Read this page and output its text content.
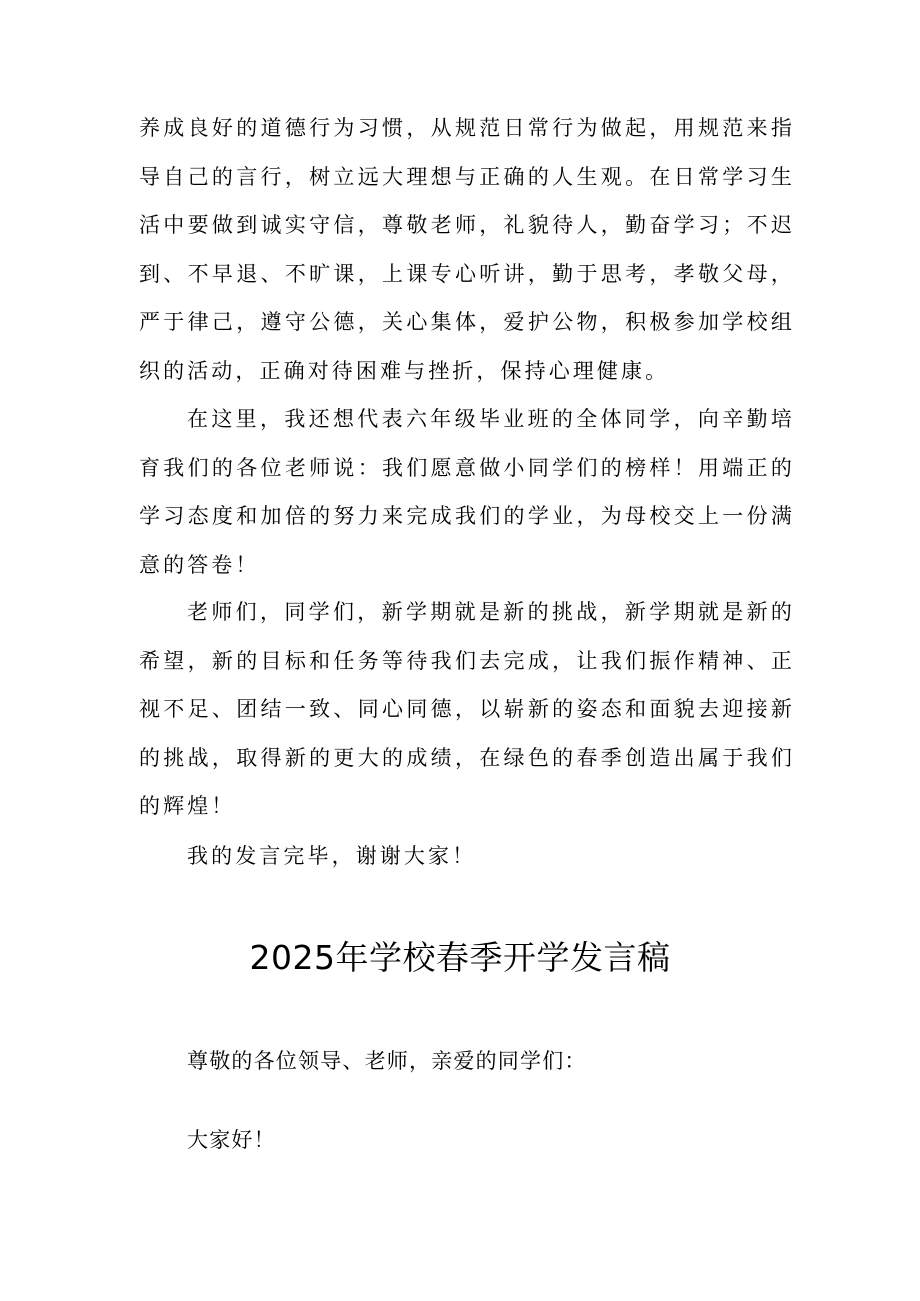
养成良好的道德行为习惯，从规范日常行为做起，用规范来指导自己的言行，树立远大理想与正确的人生观。在日常学习生活中要做到诚实守信，尊敬老师，礼貌待人，勤奋学习；不迟到、不早退、不旷课，上课专心听讲，勤于思考，孝敬父母，严于律己，遵守公德，关心集体，爱护公物，积极参加学校组织的活动，正确对待困难与挫折，保持心理健康。

在这里，我还想代表六年级毕业班的全体同学，向辛勤培育我们的各位老师说：我们愿意做小同学们的榜样！用端正的学习态度和加倍的努力来完成我们的学业，为母校交上一份满意的答卷！

老师们，同学们，新学期就是新的挑战，新学期就是新的希望，新的目标和任务等待我们去完成，让我们振作精神、正视不足、团结一致、同心同德，以崭新的姿态和面貌去迎接新的挑战，取得新的更大的成绩，在绿色的春季创造出属于我们的辉煌！

我的发言完毕，谢谢大家！

2025年学校春季开学发言稿

尊敬的各位领导、老师，亲爱的同学们：

大家好！
